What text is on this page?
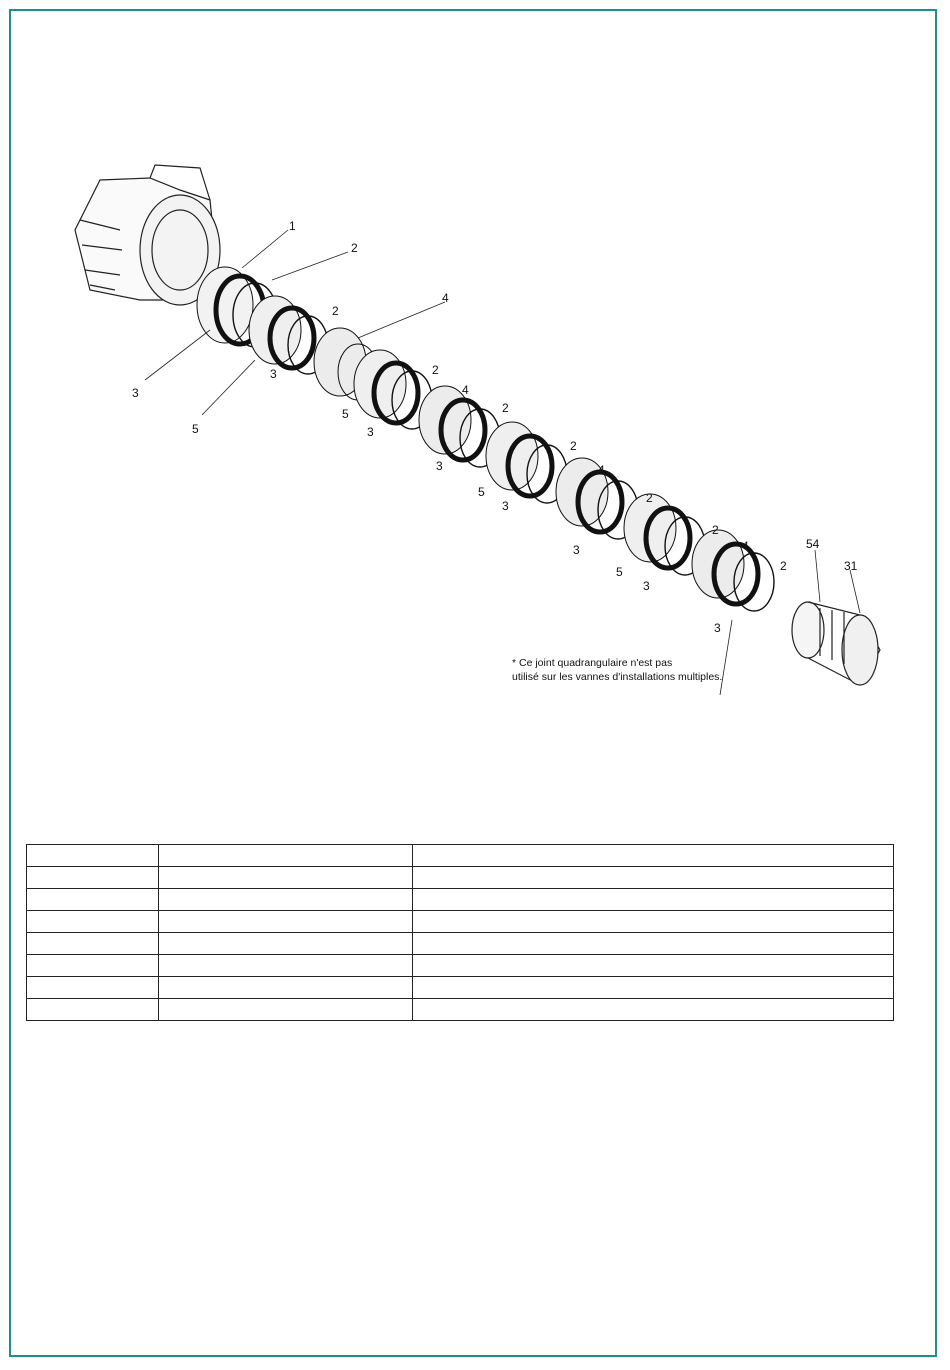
1
2
3
5
2
4
3	2
5
3
2
4
3
2
5
3
2
4
3
2
5
3
2
4
3
54
31
* Ce joint quadrangulaire n'est pas
utilisé sur les vannes d'installations multiples.
